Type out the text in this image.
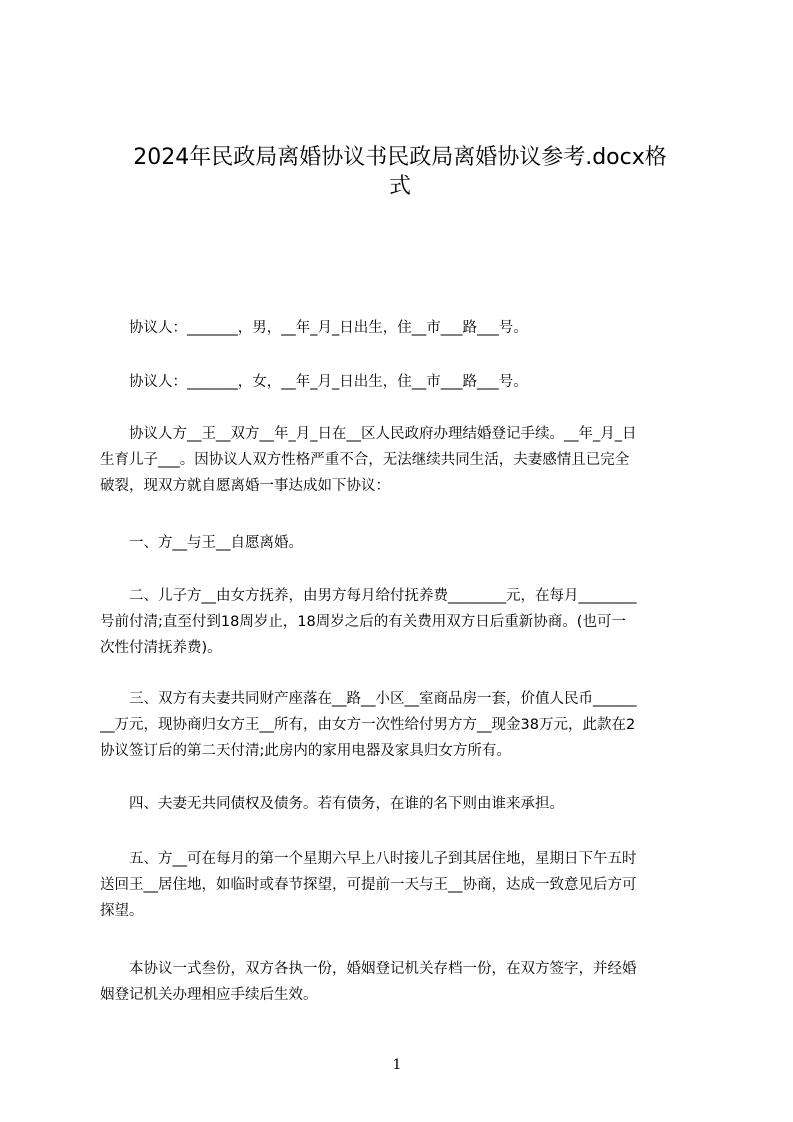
2024年民政局离婚协议书民政局离婚协议参考.docx格
式
　　协议人：_______，男，__年_月_日出生，住__市___路___号。
　　协议人：_______，女，__年_月_日出生，住__市___路___号。
　　协议人方__王__双方__年_月_日在__区人民政府办理结婚登记手续。__年_月_日
生育儿子___。因协议人双方性格严重不合，无法继续共同生活，夫妻感情且已完全
破裂，现双方就自愿离婚一事达成如下协议：
　　一、方__与王__自愿离婚。
　　二、儿子方__由女方抚养，由男方每月给付抚养费________元，在每月________
号前付清;直至付到18周岁止，18周岁之后的有关费用双方日后重新协商。(也可一
次性付清抚养费)。
　　三、双方有夫妻共同财产座落在__路__小区__室商品房一套，价值人民币______
__万元，现协商归女方王__所有，由女方一次性给付男方方__现金38万元，此款在2
协议签订后的第二天付清;此房内的家用电器及家具归女方所有。
　　四、夫妻无共同债权及债务。若有债务，在谁的名下则由谁来承担。
　　五、方__可在每月的第一个星期六早上八时接儿子到其居住地，星期日下午五时
送回王__居住地，如临时或春节探望，可提前一天与王__协商，达成一致意见后方可
探望。
　　本协议一式叁份，双方各执一份，婚姻登记机关存档一份，在双方签字，并经婚
姻登记机关办理相应手续后生效。
1
